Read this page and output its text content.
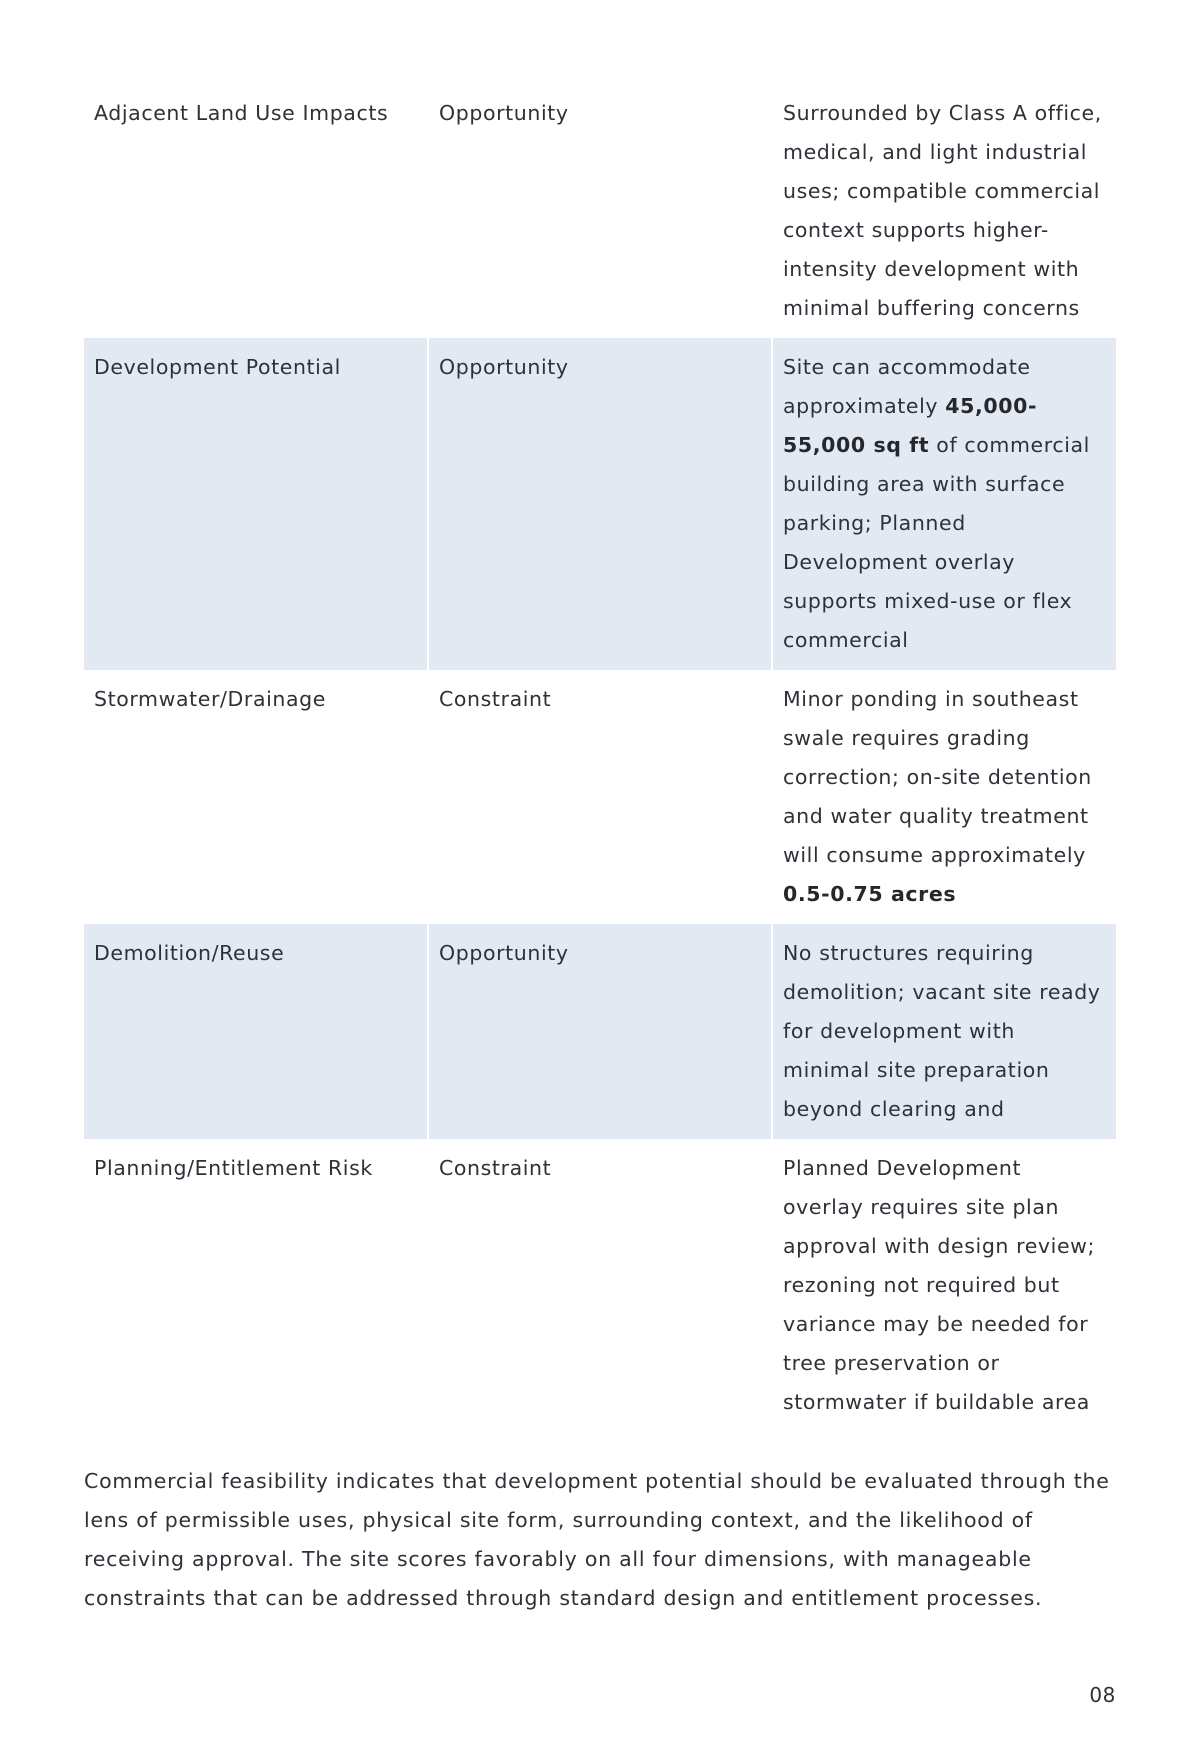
Adjacent Land Use Impacts	Opportunity	Surrounded by Class A office, medical, and light industrial uses; compatible commercial context supports higher-intensity development with minimal buffering concerns
Development Potential	Opportunity	Site can accommodate approximately 45,000-55,000 sq ft of commercial building area with surface parking; Planned Development overlay supports mixed-use or flex commercial
Stormwater/Drainage	Constraint	Minor ponding in southeast swale requires grading correction; on-site detention and water quality treatment will consume approximately 0.5-0.75 acres
Demolition/Reuse	Opportunity	No structures requiring demolition; vacant site ready for development with minimal site preparation beyond clearing and
Planning/Entitlement Risk	Constraint	Planned Development overlay requires site plan approval with design review; rezoning not required but variance may be needed for tree preservation or stormwater if buildable area

Commercial feasibility indicates that development potential should be evaluated through the lens of permissible uses, physical site form, surrounding context, and the likelihood of receiving approval. The site scores favorably on all four dimensions, with manageable constraints that can be addressed through standard design and entitlement processes.

08
